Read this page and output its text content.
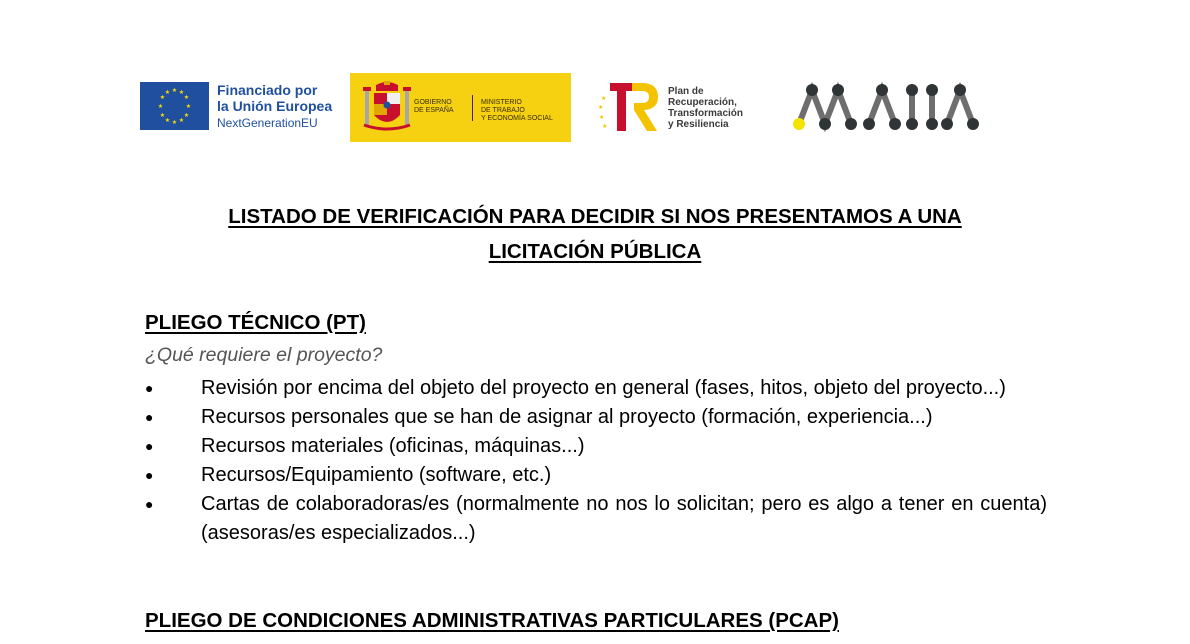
★ ★
★
★
★
★
★
★
★
★
★
★	Financiado por
la Unión Europea
NextGenerationEU
GOBIERNO
DE ESPAÑA
MINISTERIO
DE TRABAJO
Y ECONOMÍA SOCIAL
★
★
★
★
Plan de
Recuperación,
Transformación
y Resiliencia
LISTADO DE VERIFICACIÓN PARA DECIDIR SI NOS PRESENTAMOS A UNA
LICITACIÓN PÚBLICA
PLIEGO TÉCNICO (PT)
¿Qué requiere el proyecto?
● Revisión por encima del objeto del proyecto en general (fases, hitos, objeto del proyecto...)
● Recursos personales que se han de asignar al proyecto (formación, experiencia...)
● Recursos materiales (oficinas, máquinas...)
● Recursos/Equipamiento (software, etc.)
● Cartas de colaboradoras/es (normalmente no nos lo solicitan; pero es algo a tener en cuenta) (asesoras/es especializados...)
PLIEGO DE CONDICIONES ADMINISTRATIVAS PARTICULARES (PCAP)
